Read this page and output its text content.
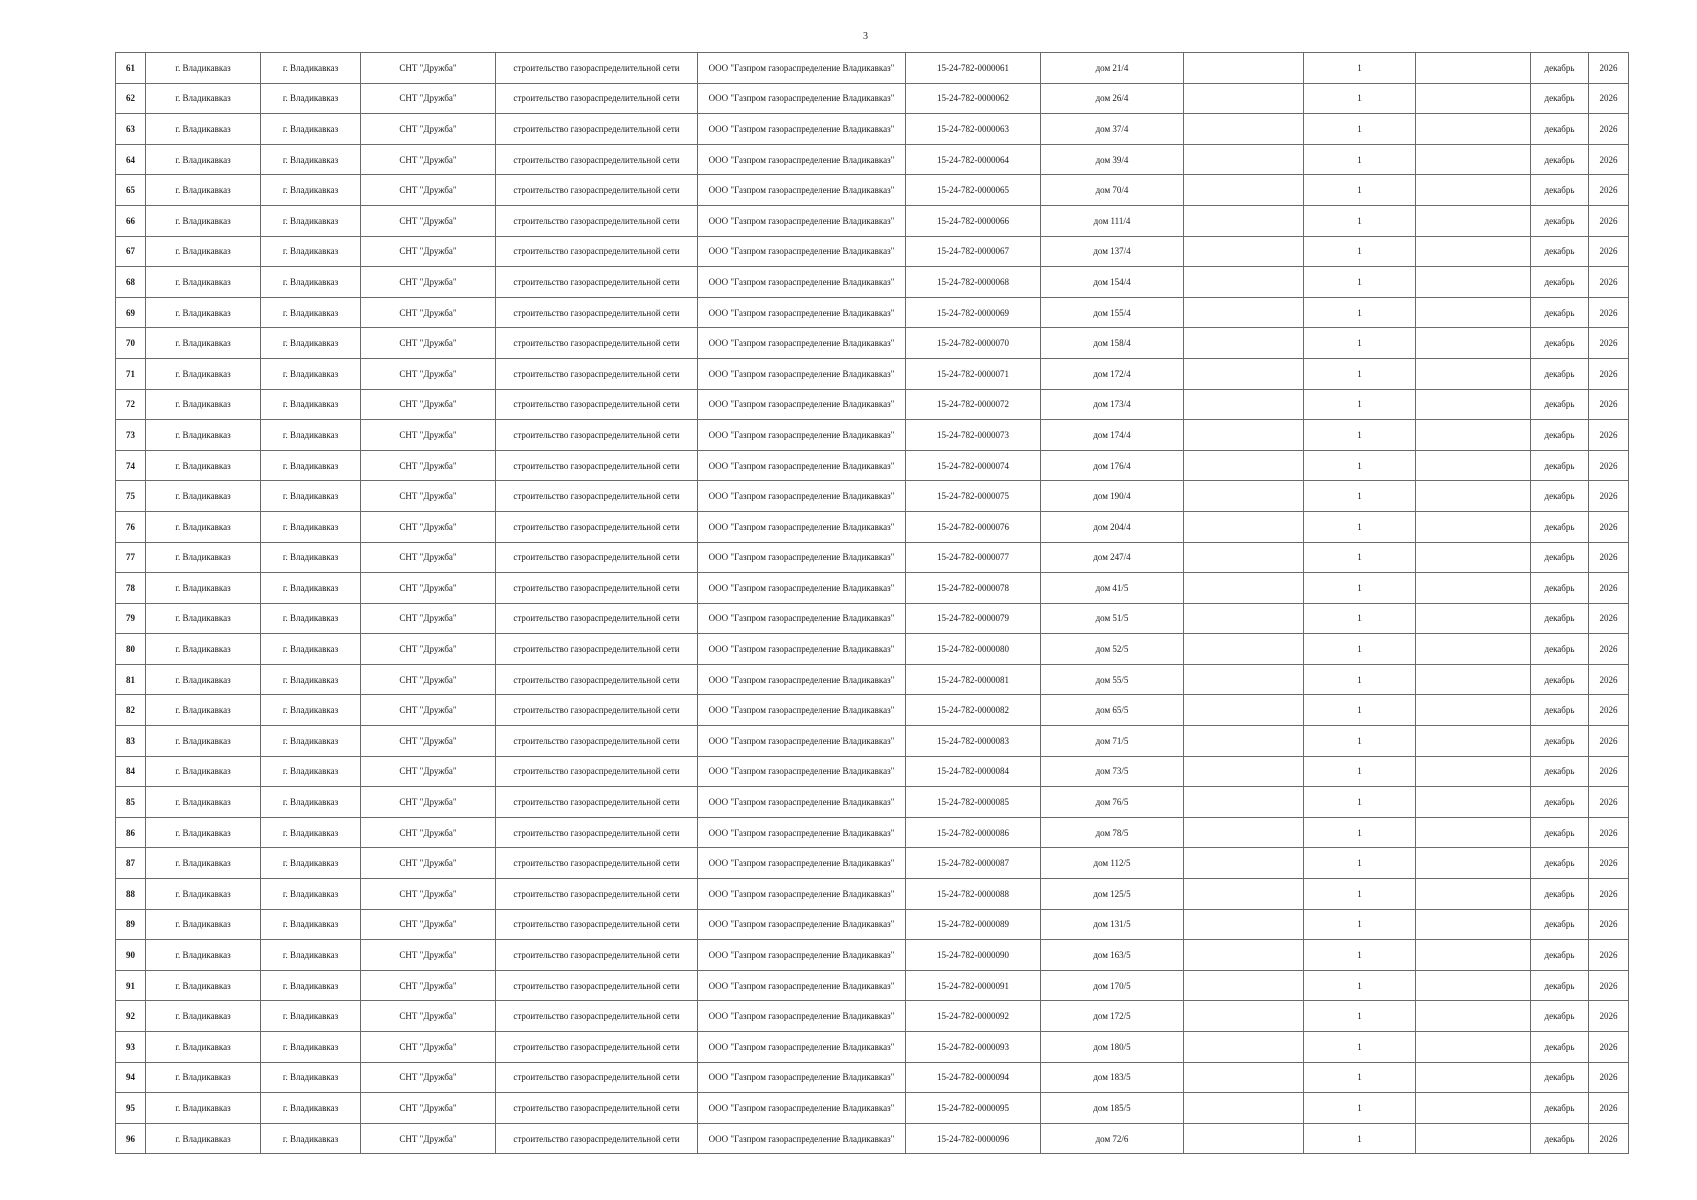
3
61	г. Владикавказ	г. Владикавказ	СНТ "Дружба"	строительство газораспределительной сети	ООО "Газпром газораспределение Владикавказ"	15-24-782-0000061	дом 21/4		1		декабрь	2026
62	г. Владикавказ	г. Владикавказ	СНТ "Дружба"	строительство газораспределительной сети	ООО "Газпром газораспределение Владикавказ"	15-24-782-0000062	дом 26/4		1		декабрь	2026
63	г. Владикавказ	г. Владикавказ	СНТ "Дружба"	строительство газораспределительной сети	ООО "Газпром газораспределение Владикавказ"	15-24-782-0000063	дом 37/4		1		декабрь	2026
64	г. Владикавказ	г. Владикавказ	СНТ "Дружба"	строительство газораспределительной сети	ООО "Газпром газораспределение Владикавказ"	15-24-782-0000064	дом 39/4		1		декабрь	2026
65	г. Владикавказ	г. Владикавказ	СНТ "Дружба"	строительство газораспределительной сети	ООО "Газпром газораспределение Владикавказ"	15-24-782-0000065	дом 70/4		1		декабрь	2026
66	г. Владикавказ	г. Владикавказ	СНТ "Дружба"	строительство газораспределительной сети	ООО "Газпром газораспределение Владикавказ"	15-24-782-0000066	дом 111/4		1		декабрь	2026
67	г. Владикавказ	г. Владикавказ	СНТ "Дружба"	строительство газораспределительной сети	ООО "Газпром газораспределение Владикавказ"	15-24-782-0000067	дом 137/4		1		декабрь	2026
68	г. Владикавказ	г. Владикавказ	СНТ "Дружба"	строительство газораспределительной сети	ООО "Газпром газораспределение Владикавказ"	15-24-782-0000068	дом 154/4		1		декабрь	2026
69	г. Владикавказ	г. Владикавказ	СНТ "Дружба"	строительство газораспределительной сети	ООО "Газпром газораспределение Владикавказ"	15-24-782-0000069	дом 155/4		1		декабрь	2026
70	г. Владикавказ	г. Владикавказ	СНТ "Дружба"	строительство газораспределительной сети	ООО "Газпром газораспределение Владикавказ"	15-24-782-0000070	дом 158/4		1		декабрь	2026
71	г. Владикавказ	г. Владикавказ	СНТ "Дружба"	строительство газораспределительной сети	ООО "Газпром газораспределение Владикавказ"	15-24-782-0000071	дом 172/4		1		декабрь	2026
72	г. Владикавказ	г. Владикавказ	СНТ "Дружба"	строительство газораспределительной сети	ООО "Газпром газораспределение Владикавказ"	15-24-782-0000072	дом 173/4		1		декабрь	2026
73	г. Владикавказ	г. Владикавказ	СНТ "Дружба"	строительство газораспределительной сети	ООО "Газпром газораспределение Владикавказ"	15-24-782-0000073	дом 174/4		1		декабрь	2026
74	г. Владикавказ	г. Владикавказ	СНТ "Дружба"	строительство газораспределительной сети	ООО "Газпром газораспределение Владикавказ"	15-24-782-0000074	дом 176/4		1		декабрь	2026
75	г. Владикавказ	г. Владикавказ	СНТ "Дружба"	строительство газораспределительной сети	ООО "Газпром газораспределение Владикавказ"	15-24-782-0000075	дом 190/4		1		декабрь	2026
76	г. Владикавказ	г. Владикавказ	СНТ "Дружба"	строительство газораспределительной сети	ООО "Газпром газораспределение Владикавказ"	15-24-782-0000076	дом 204/4		1		декабрь	2026
77	г. Владикавказ	г. Владикавказ	СНТ "Дружба"	строительство газораспределительной сети	ООО "Газпром газораспределение Владикавказ"	15-24-782-0000077	дом 247/4		1		декабрь	2026
78	г. Владикавказ	г. Владикавказ	СНТ "Дружба"	строительство газораспределительной сети	ООО "Газпром газораспределение Владикавказ"	15-24-782-0000078	дом 41/5		1		декабрь	2026
79	г. Владикавказ	г. Владикавказ	СНТ "Дружба"	строительство газораспределительной сети	ООО "Газпром газораспределение Владикавказ"	15-24-782-0000079	дом 51/5		1		декабрь	2026
80	г. Владикавказ	г. Владикавказ	СНТ "Дружба"	строительство газораспределительной сети	ООО "Газпром газораспределение Владикавказ"	15-24-782-0000080	дом 52/5		1		декабрь	2026
81	г. Владикавказ	г. Владикавказ	СНТ "Дружба"	строительство газораспределительной сети	ООО "Газпром газораспределение Владикавказ"	15-24-782-0000081	дом 55/5		1		декабрь	2026
82	г. Владикавказ	г. Владикавказ	СНТ "Дружба"	строительство газораспределительной сети	ООО "Газпром газораспределение Владикавказ"	15-24-782-0000082	дом 65/5		1		декабрь	2026
83	г. Владикавказ	г. Владикавказ	СНТ "Дружба"	строительство газораспределительной сети	ООО "Газпром газораспределение Владикавказ"	15-24-782-0000083	дом 71/5		1		декабрь	2026
84	г. Владикавказ	г. Владикавказ	СНТ "Дружба"	строительство газораспределительной сети	ООО "Газпром газораспределение Владикавказ"	15-24-782-0000084	дом 73/5		1		декабрь	2026
85	г. Владикавказ	г. Владикавказ	СНТ "Дружба"	строительство газораспределительной сети	ООО "Газпром газораспределение Владикавказ"	15-24-782-0000085	дом 76/5		1		декабрь	2026
86	г. Владикавказ	г. Владикавказ	СНТ "Дружба"	строительство газораспределительной сети	ООО "Газпром газораспределение Владикавказ"	15-24-782-0000086	дом 78/5		1		декабрь	2026
87	г. Владикавказ	г. Владикавказ	СНТ "Дружба"	строительство газораспределительной сети	ООО "Газпром газораспределение Владикавказ"	15-24-782-0000087	дом 112/5		1		декабрь	2026
88	г. Владикавказ	г. Владикавказ	СНТ "Дружба"	строительство газораспределительной сети	ООО "Газпром газораспределение Владикавказ"	15-24-782-0000088	дом 125/5		1		декабрь	2026
89	г. Владикавказ	г. Владикавказ	СНТ "Дружба"	строительство газораспределительной сети	ООО "Газпром газораспределение Владикавказ"	15-24-782-0000089	дом 131/5		1		декабрь	2026
90	г. Владикавказ	г. Владикавказ	СНТ "Дружба"	строительство газораспределительной сети	ООО "Газпром газораспределение Владикавказ"	15-24-782-0000090	дом 163/5		1		декабрь	2026
91	г. Владикавказ	г. Владикавказ	СНТ "Дружба"	строительство газораспределительной сети	ООО "Газпром газораспределение Владикавказ"	15-24-782-0000091	дом 170/5		1		декабрь	2026
92	г. Владикавказ	г. Владикавказ	СНТ "Дружба"	строительство газораспределительной сети	ООО "Газпром газораспределение Владикавказ"	15-24-782-0000092	дом 172/5		1		декабрь	2026
93	г. Владикавказ	г. Владикавказ	СНТ "Дружба"	строительство газораспределительной сети	ООО "Газпром газораспределение Владикавказ"	15-24-782-0000093	дом 180/5		1		декабрь	2026
94	г. Владикавказ	г. Владикавказ	СНТ "Дружба"	строительство газораспределительной сети	ООО "Газпром газораспределение Владикавказ"	15-24-782-0000094	дом 183/5		1		декабрь	2026
95	г. Владикавказ	г. Владикавказ	СНТ "Дружба"	строительство газораспределительной сети	ООО "Газпром газораспределение Владикавказ"	15-24-782-0000095	дом 185/5		1		декабрь	2026
96	г. Владикавказ	г. Владикавказ	СНТ "Дружба"	строительство газораспределительной сети	ООО "Газпром газораспределение Владикавказ"	15-24-782-0000096	дом 72/6		1		декабрь	2026
